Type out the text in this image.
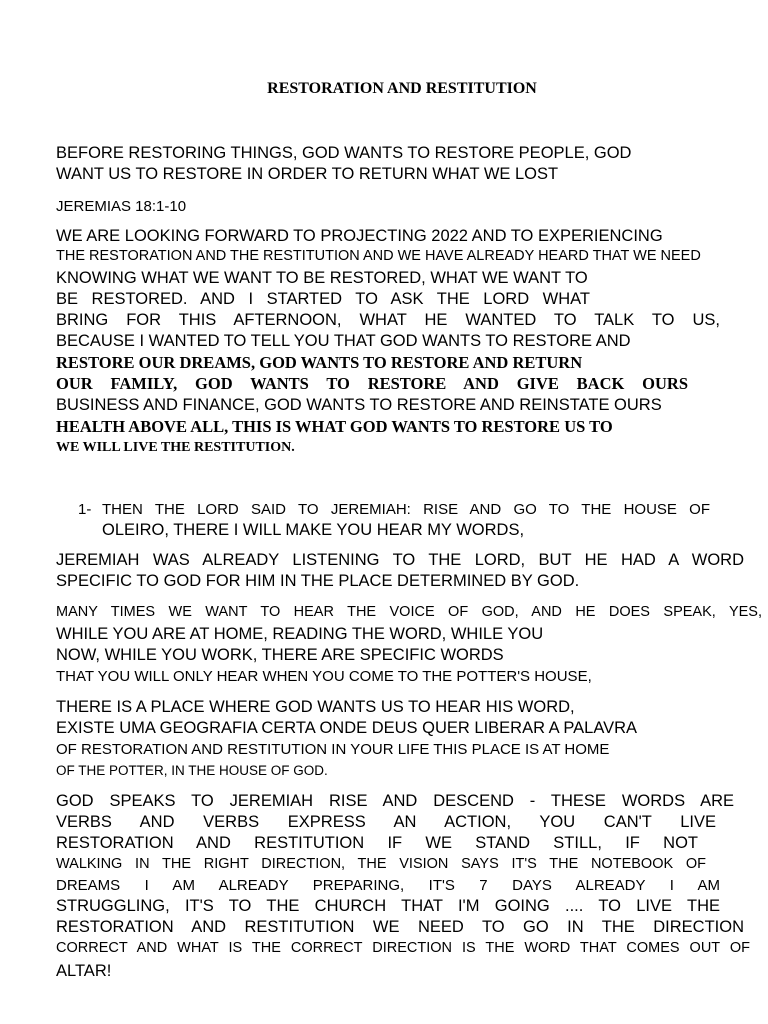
RESTORATION AND RESTITUTION
BEFORE RESTORING THINGS, GOD WANTS TO RESTORE PEOPLE, GOD
WANT US TO RESTORE IN ORDER TO RETURN WHAT WE LOST
JEREMIAS 18:1-10
WE ARE LOOKING FORWARD TO PROJECTING 2022 AND TO EXPERIENCING
THE RESTORATION AND THE RESTITUTION AND WE HAVE ALREADY HEARD THAT WE NEED
KNOWING WHAT WE WANT TO BE RESTORED, WHAT WE WANT TO
BE RESTORED. AND I STARTED TO ASK THE LORD WHAT
BRING FOR THIS AFTERNOON, WHAT HE WANTED TO TALK TO US,
BECAUSE I WANTED TO TELL YOU THAT GOD WANTS TO RESTORE AND
RESTORE OUR DREAMS, GOD WANTS TO RESTORE AND RETURN
OUR FAMILY, GOD WANTS TO RESTORE AND GIVE BACK OURS
BUSINESS AND FINANCE, GOD WANTS TO RESTORE AND REINSTATE OURS
HEALTH ABOVE ALL, THIS IS WHAT GOD WANTS TO RESTORE US TO
WE WILL LIVE THE RESTITUTION.
1- THEN THE LORD SAID TO JEREMIAH: RISE AND GO TO THE HOUSE OF
OLEIRO, THERE I WILL MAKE YOU HEAR MY WORDS,
JEREMIAH WAS ALREADY LISTENING TO THE LORD, BUT HE HAD A WORD
SPECIFIC TO GOD FOR HIM IN THE PLACE DETERMINED BY GOD.
MANY TIMES WE WANT TO HEAR THE VOICE OF GOD, AND HE DOES SPEAK, YES,
WHILE YOU ARE AT HOME, READING THE WORD, WHILE YOU
NOW, WHILE YOU WORK, THERE ARE SPECIFIC WORDS
THAT YOU WILL ONLY HEAR WHEN YOU COME TO THE POTTER'S HOUSE,
THERE IS A PLACE WHERE GOD WANTS US TO HEAR HIS WORD,
EXISTE UMA GEOGRAFIA CERTA ONDE DEUS QUER LIBERAR A PALAVRA
OF RESTORATION AND RESTITUTION IN YOUR LIFE THIS PLACE IS AT HOME
OF THE POTTER, IN THE HOUSE OF GOD.
GOD SPEAKS TO JEREMIAH RISE AND DESCEND - THESE WORDS ARE
VERBS AND VERBS EXPRESS AN ACTION, YOU CAN'T LIVE
RESTORATION AND RESTITUTION IF WE STAND STILL, IF NOT
WALKING IN THE RIGHT DIRECTION, THE VISION SAYS IT'S THE NOTEBOOK OF
DREAMS I AM ALREADY PREPARING, IT'S 7 DAYS ALREADY I AM
STRUGGLING, IT'S TO THE CHURCH THAT I'M GOING .... TO LIVE THE
RESTORATION AND RESTITUTION WE NEED TO GO IN THE DIRECTION
CORRECT AND WHAT IS THE CORRECT DIRECTION IS THE WORD THAT COMES OUT OF
ALTAR!
